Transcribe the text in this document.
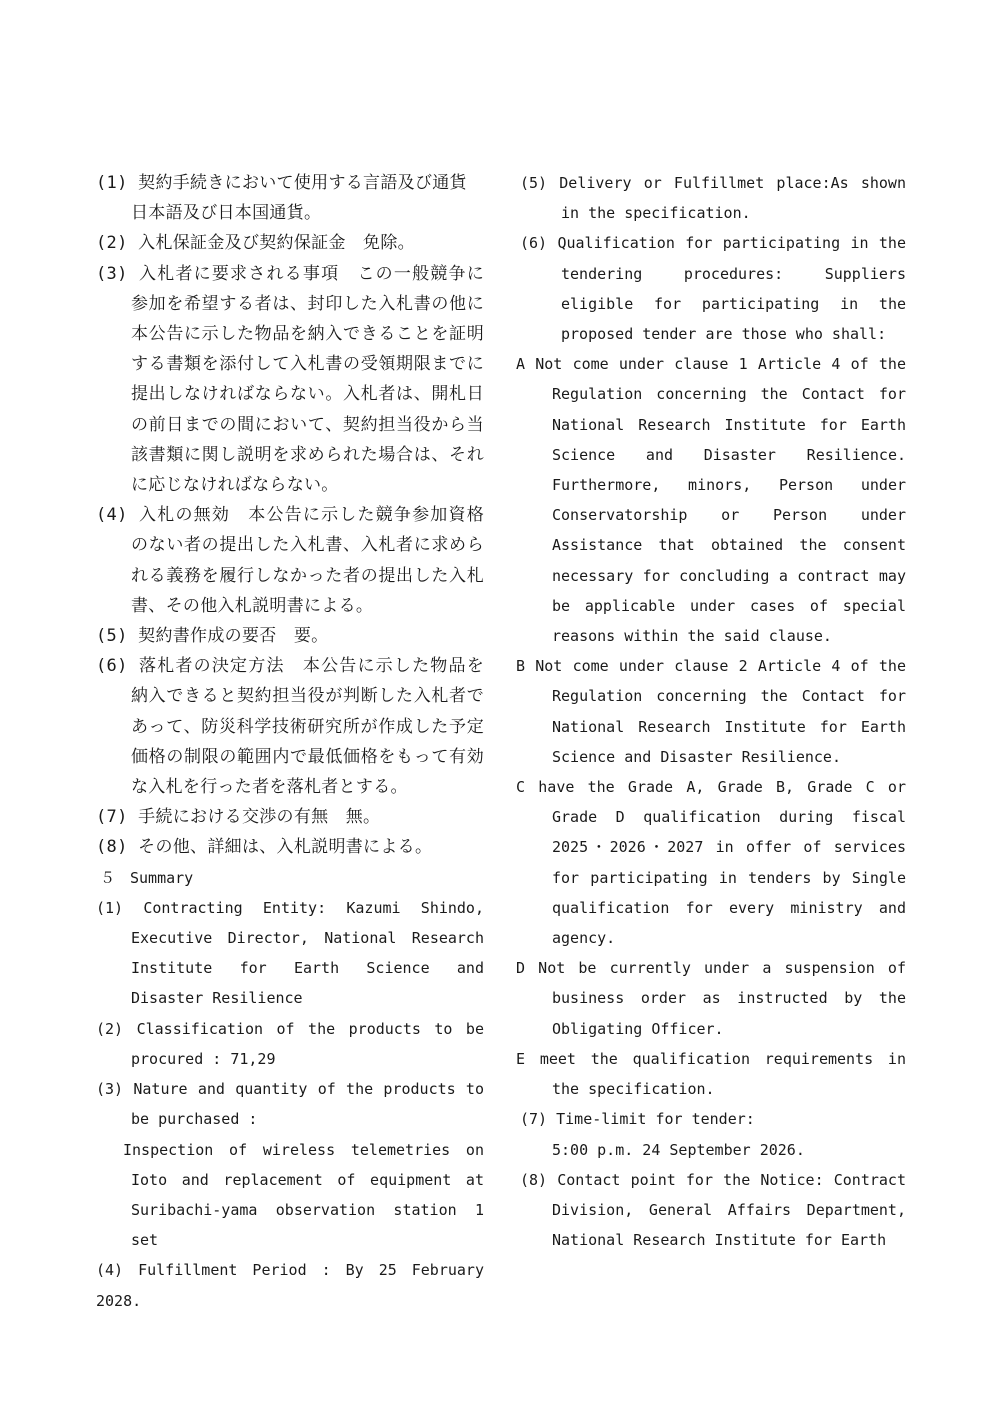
(1) 契約手続きにおいて使用する言語及び通貨

日本語及び日本国通貨。

(2) 入札保証金及び契約保証金　免除。

(3) 入札者に要求される事項　この一般競争に参加を希望する者は、封印した入札書の他に本公告に示した物品を納入できることを証明する書類を添付して入札書の受領期限までに提出しなければならない。入札者は、開札日の前日までの間において、契約担当役から当該書類に関し説明を求められた場合は、それに応じなければならない。

(4) 入札の無効　本公告に示した競争参加資格のない者の提出した入札書、入札者に求められる義務を履行しなかった者の提出した入札書、その他入札説明書による。

(5) 契約書作成の要否　要。

(6) 落札者の決定方法　本公告に示した物品を納入できると契約担当役が判断した入札者であって、防災科学技術研究所が作成した予定価格の制限の範囲内で最低価格をもって有効な入札を行った者を落札者とする。

(7) 手続における交渉の有無　無。

(8) その他、詳細は、入札説明書による。

５　Summary

(1) Contracting Entity: Kazumi Shindo, Executive Director, National Research Institute for Earth Science and Disaster Resilience

(2) Classification of the products to be procured : 71,29

(3) Nature and quantity of the products to be purchased :

Inspection of wireless telemetries on Ioto and replacement of equipment at Suribachi-yama observation station 1 set

(4) Fulfillment Period : By 25 February 2028.

(5) Delivery or Fulfillmet place:As shown in the specification.

(6) Qualification for participating in the tendering procedures: Suppliers eligible for participating in the proposed tender are those who shall:

A Not come under clause 1 Article 4 of the Regulation concerning the Contact for National Research Institute for Earth Science and Disaster Resilience. Furthermore, minors, Person under Conservatorship or Person under Assistance that obtained the consent necessary for concluding a contract may be applicable under cases of special reasons within the said clause.

B Not come under clause 2 Article 4 of the Regulation concerning the Contact for National Research Institute for Earth Science and Disaster Resilience.

C have the Grade A, Grade B, Grade C or Grade D qualification during fiscal 2025・2026・2027 in offer of services for participating in tenders by Single qualification for every ministry and agency.

D Not be currently under a suspension of business order as instructed by the Obligating Officer.

E meet the qualification requirements in the specification.

(7) Time-limit for tender:

5:00 p.m. 24 September 2026.

(8) Contact point for the Notice: Contract Division, General Affairs Department, National Research Institute for Earth
